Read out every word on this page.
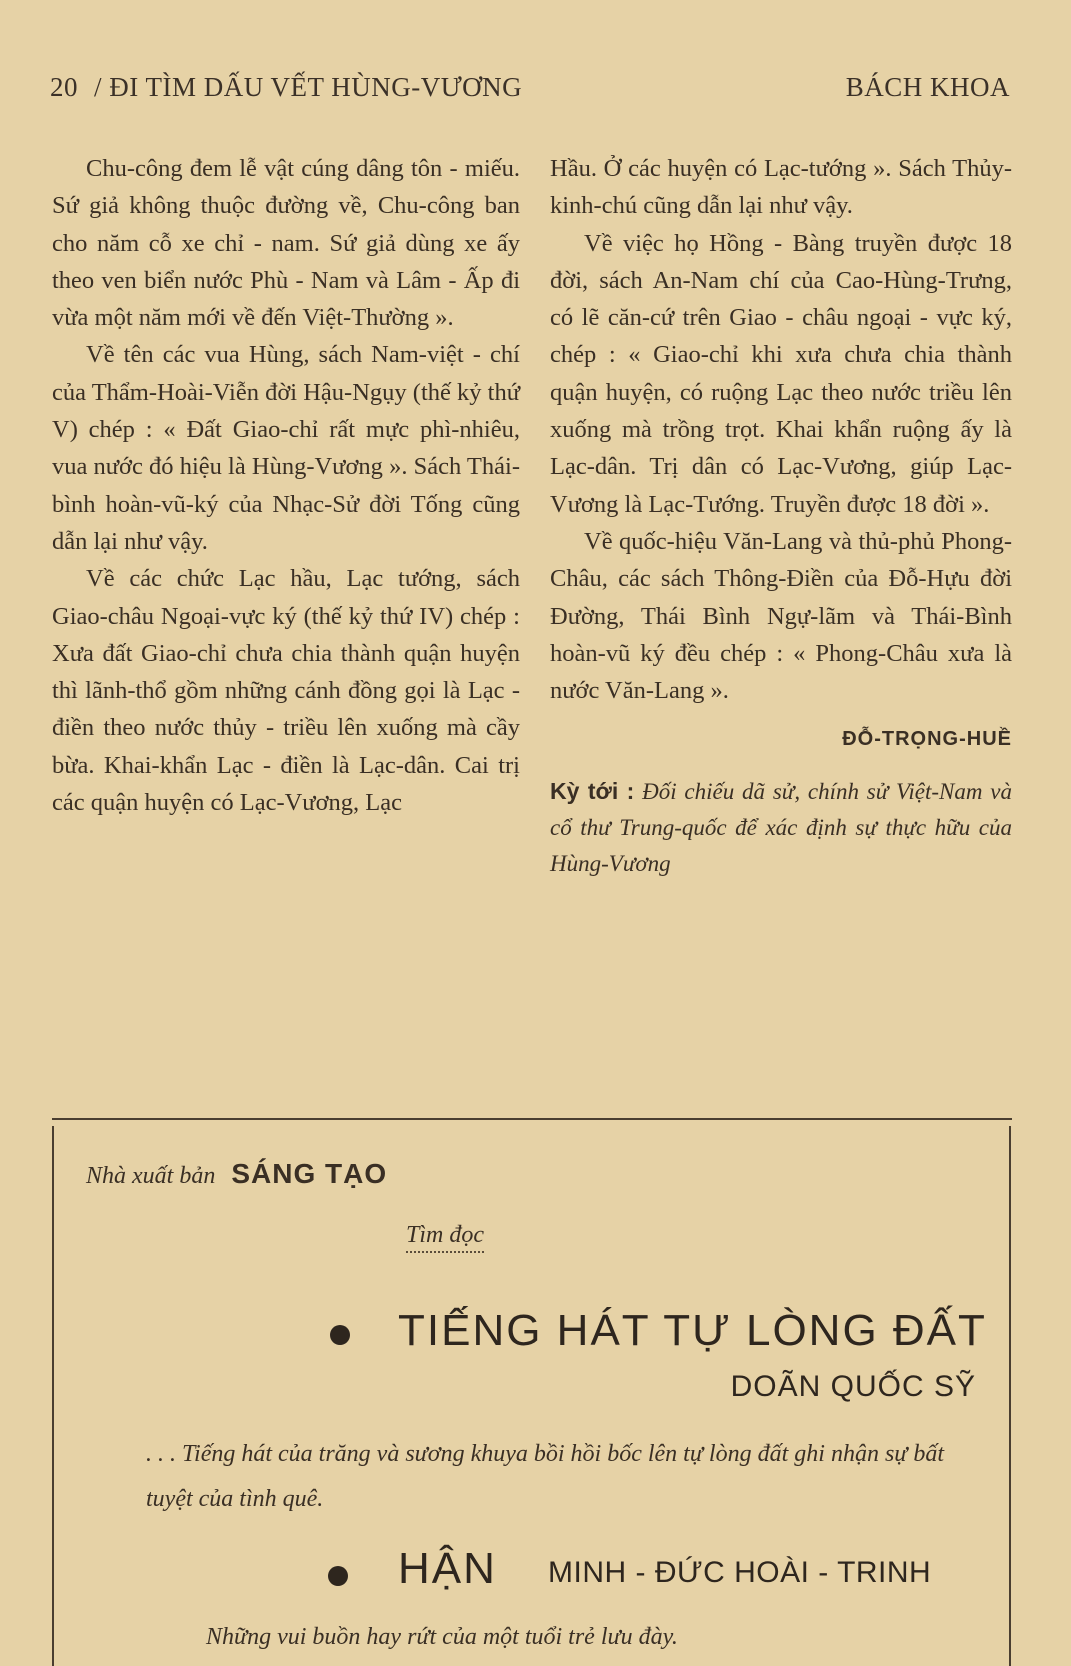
20 / ĐI TÌM DẤU VẾT HÙNG-VƯƠNG	BÁCH KHOA

Chu-công đem lễ vật cúng dâng tôn - miếu. Sứ giả không thuộc đường về, Chu-công ban cho năm cỗ xe chỉ - nam. Sứ giả dùng xe ấy theo ven biển nước Phù - Nam và Lâm - Ấp đi vừa một năm mới về đến Việt-Thường ».

Về tên các vua Hùng, sách Nam-việt - chí của Thẩm-Hoài-Viễn đời Hậu-Ngụy (thế kỷ thứ V) chép : « Đất Giao-chỉ rất mực phì-nhiêu, vua nước đó hiệu là Hùng-Vương ». Sách Thái-bình hoàn-vũ-ký của Nhạc-Sử đời Tống cũng dẫn lại như vậy.

Về các chức Lạc hầu, Lạc tướng, sách Giao-châu Ngoại-vực ký (thế kỷ thứ IV) chép : Xưa đất Giao-chỉ chưa chia thành quận huyện thì lãnh-thổ gồm những cánh đồng gọi là Lạc - điền theo nước thủy - triều lên xuống mà cầy bừa. Khai-khẩn Lạc - điền là Lạc-dân. Cai trị các quận huyện có Lạc-Vương, Lạc

Hầu. Ở các huyện có Lạc-tướng ». Sách Thủy-kinh-chú cũng dẫn lại như vậy.

Về việc họ Hồng - Bàng truyền được 18 đời, sách An-Nam chí của Cao-Hùng-Trưng, có lẽ căn-cứ trên Giao - châu ngoại - vực ký, chép : « Giao-chỉ khi xưa chưa chia thành quận huyện, có ruộng Lạc theo nước triều lên xuống mà trồng trọt. Khai khẩn ruộng ấy là Lạc-dân. Trị dân có Lạc-Vương, giúp Lạc-Vương là Lạc-Tướng. Truyền được 18 đời ».

Về quốc-hiệu Văn-Lang và thủ-phủ Phong-Châu, các sách Thông-Điền của Đỗ-Hựu đời Đường, Thái Bình Ngự-lãm và Thái-Bình hoàn-vũ ký đều chép : « Phong-Châu xưa là nước Văn-Lang ».

ĐỖ-TRỌNG-HUỀ
Kỳ tới : Đối chiếu dã sử, chính sử Việt-Nam và cổ thư Trung-quốc để xác định sự thực hữu của Hùng-Vương
Nhà xuất bản SÁNG TẠO
Tìm đọc
TIẾNG HÁT TỰ LÒNG ĐẤT
DOÃN QUỐC SỸ
. . . Tiếng hát của trăng và sương khuya bồi hồi bốc lên tự lòng đất ghi nhận sự bất tuyệt của tình quê.
HẬN MINH - ĐỨC HOÀI - TRINH
Những vui buồn hay rứt của một tuổi trẻ lưu đày.
